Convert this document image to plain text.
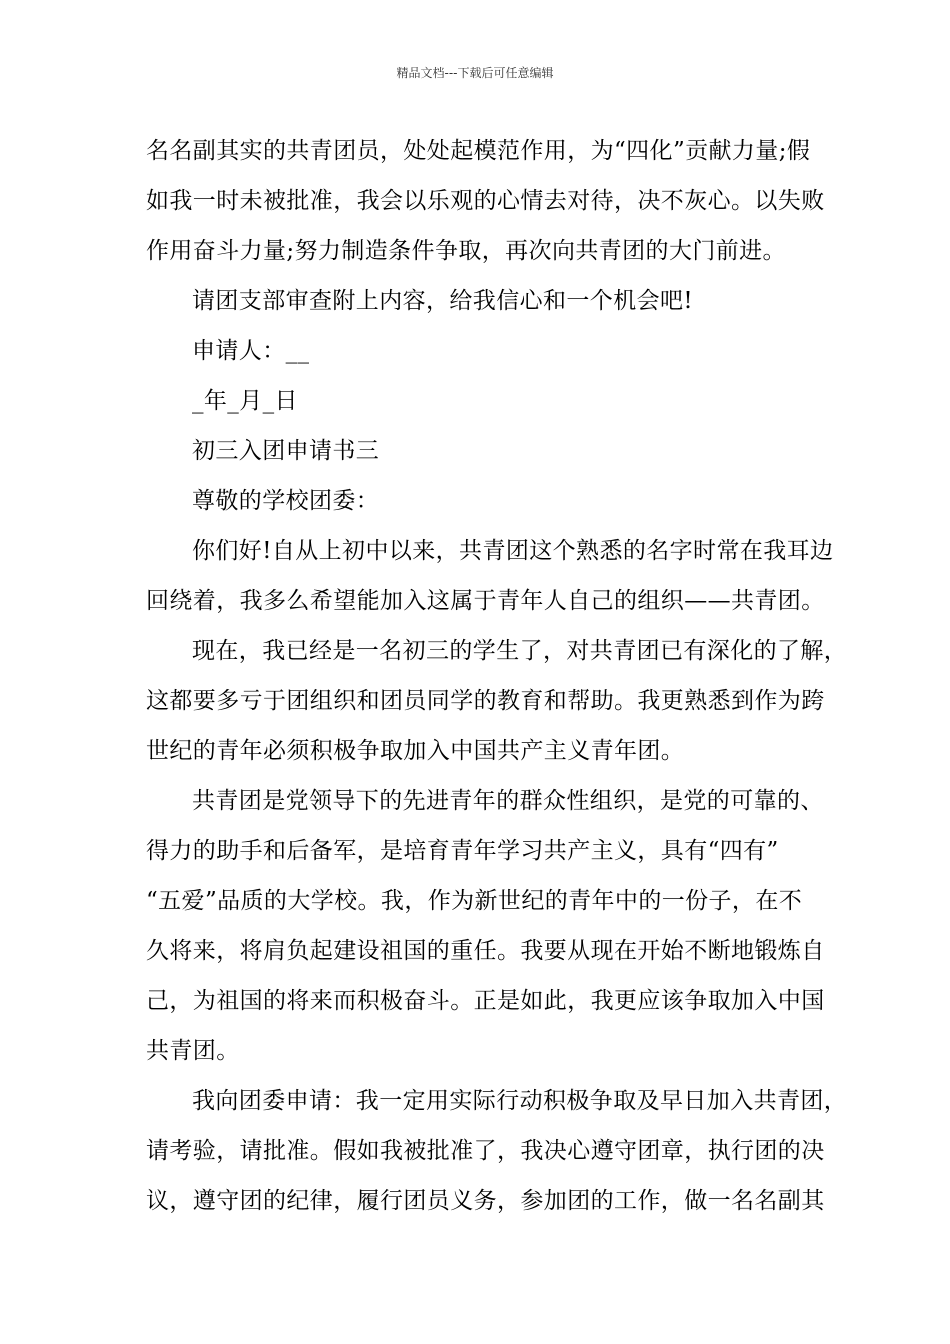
精品文档---下载后可任意编辑
名名副其实的共青团员，处处起模范作用，为“四化”贡献力量;假
如我一时未被批准，我会以乐观的心情去对待，决不灰心。以失败
作用奋斗力量;努力制造条件争取，再次向共青团的大门前进。
请团支部审查附上内容，给我信心和一个机会吧!
申请人：__
_年_月_日
初三入团申请书三
尊敬的学校团委：
你们好!自从上初中以来，共青团这个熟悉的名字时常在我耳边
回绕着，我多么希望能加入这属于青年人自己的组织——共青团。
现在，我已经是一名初三的学生了，对共青团已有深化的了解，
这都要多亏于团组织和团员同学的教育和帮助。我更熟悉到作为跨
世纪的青年必须积极争取加入中国共产主义青年团。
共青团是党领导下的先进青年的群众性组织，是党的可靠的、
得力的助手和后备军，是培育青年学习共产主义，具有“四有”
“五爱”品质的大学校。我，作为新世纪的青年中的一份子，在不
久将来，将肩负起建设祖国的重任。我要从现在开始不断地锻炼自
己，为祖国的将来而积极奋斗。正是如此，我更应该争取加入中国
共青团。
我向团委申请：我一定用实际行动积极争取及早日加入共青团，
请考验，请批准。假如我被批准了，我决心遵守团章，执行团的决
议，遵守团的纪律，履行团员义务，参加团的工作，做一名名副其
